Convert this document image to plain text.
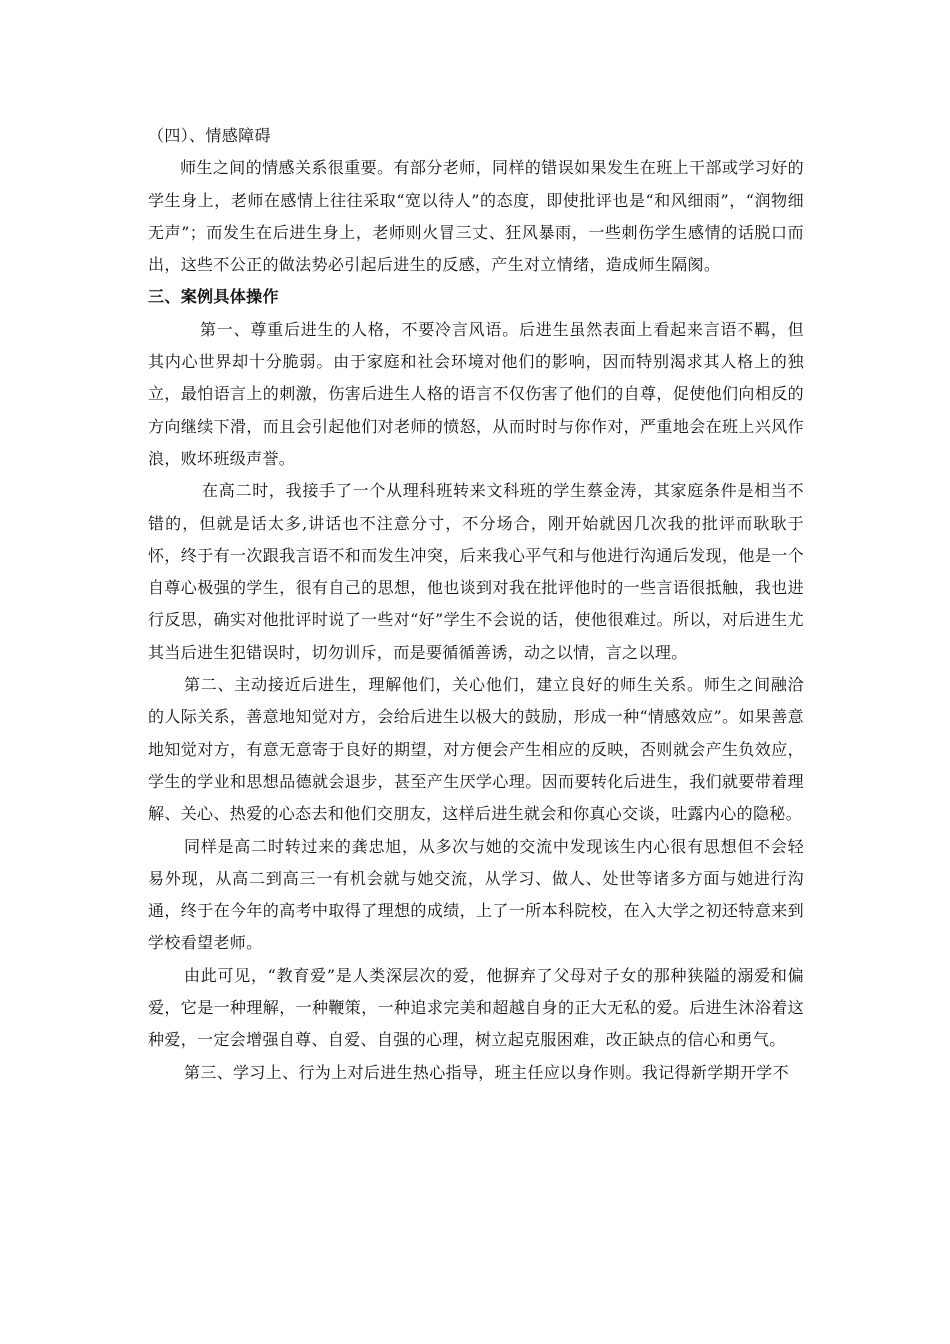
（四）、情感障碍

师生之间的情感关系很重要。有部分老师，同样的错误如果发生在班上干部或学习好的学生身上，老师在感情上往往采取“宽以待人”的态度，即使批评也是“和风细雨”，“润物细无声”；而发生在后进生身上，老师则火冒三丈、狂风暴雨，一些刺伤学生感情的话脱口而出，这些不公正的做法势必引起后进生的反感，产生对立情绪，造成师生隔阂。

三、案例具体操作

第一、尊重后进生的人格，不要冷言风语。后进生虽然表面上看起来言语不羁，但其内心世界却十分脆弱。由于家庭和社会环境对他们的影响，因而特别渴求其人格上的独立，最怕语言上的刺激，伤害后进生人格的语言不仅伤害了他们的自尊，促使他们向相反的方向继续下滑，而且会引起他们对老师的愤怒，从而时时与你作对，严重地会在班上兴风作浪，败坏班级声誉。

在高二时，我接手了一个从理科班转来文科班的学生蔡金涛，其家庭条件是相当不错的，但就是话太多,讲话也不注意分寸，不分场合，刚开始就因几次我的批评而耿耿于怀，终于有一次跟我言语不和而发生冲突，后来我心平气和与他进行沟通后发现，他是一个自尊心极强的学生，很有自己的思想，他也谈到对我在批评他时的一些言语很抵触，我也进行反思，确实对他批评时说了一些对“好”学生不会说的话，使他很难过。所以，对后进生尤其当后进生犯错误时，切勿训斥，而是要循循善诱，动之以情，言之以理。

第二、主动接近后进生，理解他们，关心他们，建立良好的师生关系。师生之间融洽的人际关系，善意地知觉对方，会给后进生以极大的鼓励，形成一种“情感效应”。如果善意地知觉对方，有意无意寄于良好的期望，对方便会产生相应的反映，否则就会产生负效应，学生的学业和思想品德就会退步，甚至产生厌学心理。因而要转化后进生，我们就要带着理解、关心、热爱的心态去和他们交朋友，这样后进生就会和你真心交谈，吐露内心的隐秘。

同样是高二时转过来的龚忠旭，从多次与她的交流中发现该生内心很有思想但不会轻易外现，从高二到高三一有机会就与她交流，从学习、做人、处世等诸多方面与她进行沟通，终于在今年的高考中取得了理想的成绩，上了一所本科院校，在入大学之初还特意来到学校看望老师。

由此可见，“教育爱”是人类深层次的爱，他摒弃了父母对子女的那种狭隘的溺爱和偏爱，它是一种理解，一种鞭策，一种追求完美和超越自身的正大无私的爱。后进生沐浴着这种爱，一定会增强自尊、自爱、自强的心理，树立起克服困难，改正缺点的信心和勇气。

第三、学习上、行为上对后进生热心指导，班主任应以身作则。我记得新学期开学不
